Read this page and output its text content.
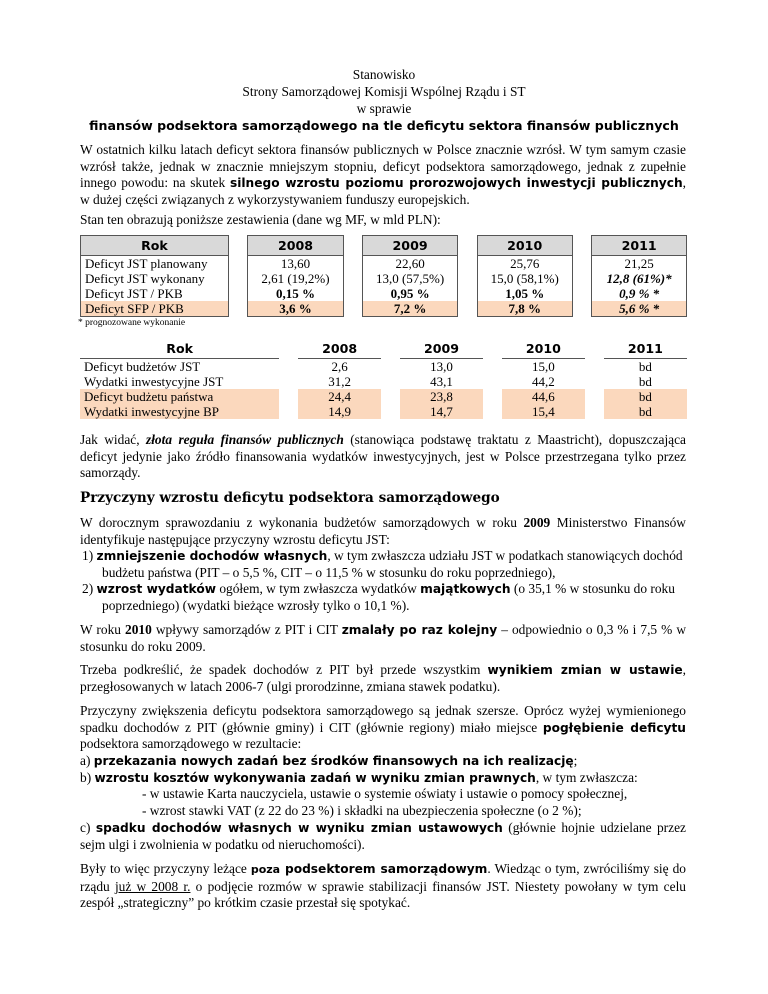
Stanowisko
Strony Samorządowej Komisji Wspólnej Rządu i ST
w sprawie
finansów podsektora samorządowego na tle deficytu sektora finansów publicznych
W ostatnich kilku latach deficyt sektora finansów publicznych w Polsce znacznie wzrósł. W tym samym czasie wzrósł także, jednak w znacznie mniejszym stopniu, deficyt podsektora samorządowego, jednak z zupełnie innego powodu: na skutek silnego wzrostu poziomu prorozwojowych inwestycji publicznych, w dużej części związanych z wykorzystywaniem funduszy europejskich.
Stan ten obrazują poniższe zestawienia (dane wg MF, w mld PLN):
Rok		2008		2009		2010		2011
Deficyt JST planowany		13,60		22,60		25,76		21,25
Deficyt JST wykonany		2,61 (19,2%)		13,0 (57,5%)		15,0 (58,1%)		12,8 (61%)*
Deficyt JST / PKB		0,15 %		0,95 %		1,05 %		0,9 % *
Deficyt SFP / PKB		3,6 %		7,2 %		7,8 %		5,6 % *
* prognozowane wykonanie
Rok		2008		2009		2010		2011
Deficyt budżetów JST		2,6		13,0		15,0		bd
Wydatki inwestycyjne JST		31,2		43,1		44,2		bd
Deficyt budżetu państwa		24,4		23,8		44,6		bd
Wydatki inwestycyjne BP		14,9		14,7		15,4		bd
Jak widać, złota reguła finansów publicznych (stanowiąca podstawę traktatu z Maastricht), dopuszczająca deficyt jedynie jako źródło finansowania wydatków inwestycyjnych, jest w Polsce przestrzegana tylko przez samorządy.
Przyczyny wzrostu deficytu podsektora samorządowego
W dorocznym sprawozdaniu z wykonania budżetów samorządowych w roku 2009 Ministerstwo Finansów identyfikuje następujące przyczyny wzrostu deficytu JST:
1) zmniejszenie dochodów własnych, w tym zwłaszcza udziału JST w podatkach stanowiących dochód budżetu państwa (PIT – o 5,5 %, CIT – o 11,5 % w stosunku do roku poprzedniego),
2) wzrost wydatków ogółem, w tym zwłaszcza wydatków majątkowych (o 35,1 % w stosunku do roku poprzedniego) (wydatki bieżące wzrosły tylko o 10,1 %).
W roku 2010 wpływy samorządów z PIT i CIT zmalały po raz kolejny – odpowiednio o 0,3 % i 7,5 % w stosunku do roku 2009.
Trzeba podkreślić, że spadek dochodów z PIT był przede wszystkim wynikiem zmian w ustawie, przegłosowanych w latach 2006-7 (ulgi prorodzinne, zmiana stawek podatku).
Przyczyny zwiększenia deficytu podsektora samorządowego są jednak szersze. Oprócz wyżej wymienionego spadku dochodów z PIT (głównie gminy) i CIT (głównie regiony) miało miejsce pogłębienie deficytu podsektora samorządowego w rezultacie:
a) przekazania nowych zadań bez środków finansowych na ich realizację;
b) wzrostu kosztów wykonywania zadań w wyniku zmian prawnych, w tym zwłaszcza:
- w ustawie Karta nauczyciela, ustawie o systemie oświaty i ustawie o pomocy społecznej,
- wzrost stawki VAT (z 22 do 23 %) i składki na ubezpieczenia społeczne (o 2 %);
c) spadku dochodów własnych w wyniku zmian ustawowych (głównie hojnie udzielane przez sejm ulgi i zwolnienia w podatku od nieruchomości).
Były to więc przyczyny leżące poza podsektorem samorządowym. Wiedząc o tym, zwróciliśmy się do rządu już w 2008 r. o podjęcie rozmów w sprawie stabilizacji finansów JST. Niestety powołany w tym celu zespół „strategiczny” po krótkim czasie przestał się spotykać.
